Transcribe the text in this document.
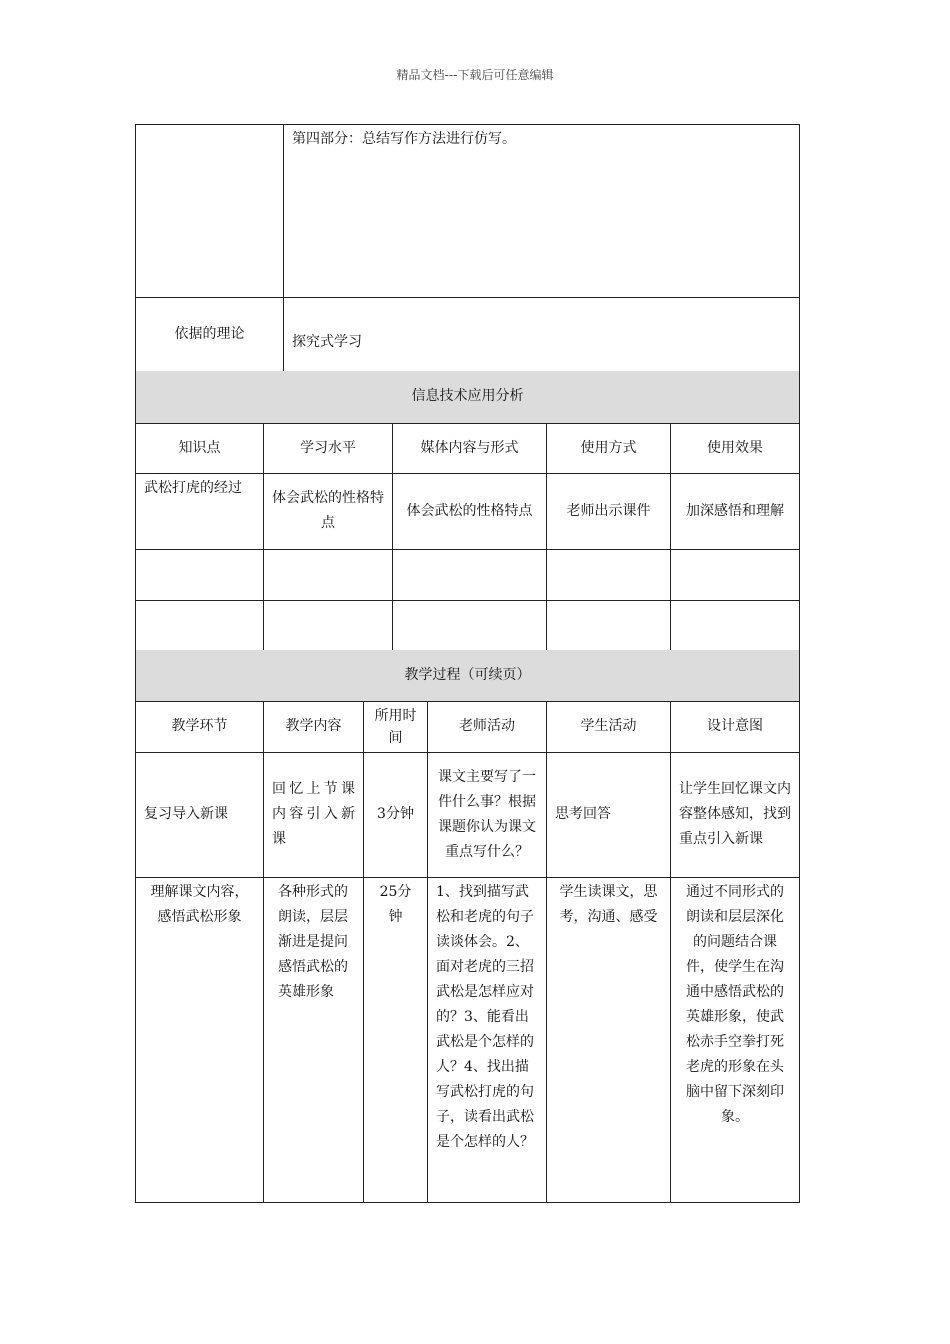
精品文档---下载后可任意编辑
	第四部分：总结写作方法进行仿写。
依据的理论	探究式学习
信息技术应用分析				
知识点	学习水平	媒体内容与形式	使用方式	使用效果
武松打虎的经过	体会武松的性格特点	体会武松的性格特点	老师出示课件	加深感悟和理解

教学过程（可续页）					
教学环节	教学内容	所用时间	老师活动	学生活动	设计意图
复习导入新课	回忆上节课内容引入新课	3分钟	课文主要写了一件什么事？根据课题你认为课文重点写什么？	思考回答	让学生回忆课文内容整体感知，找到重点引入新课
理解课文内容，感悟武松形象	各种形式的朗读，层层渐进是提问感悟武松的英雄形象	25分钟	1、找到描写武松和老虎的句子读谈体会。2、面对老虎的三招武松是怎样应对的？3、能看出武松是个怎样的人？4、找出描写武松打虎的句子，读看出武松是个怎样的人？	学生读课文，思考，沟通、感受	通过不同形式的朗读和层层深化的问题结合课件，使学生在沟通中感悟武松的英雄形象，使武松赤手空拳打死老虎的形象在头脑中留下深刻印象。
